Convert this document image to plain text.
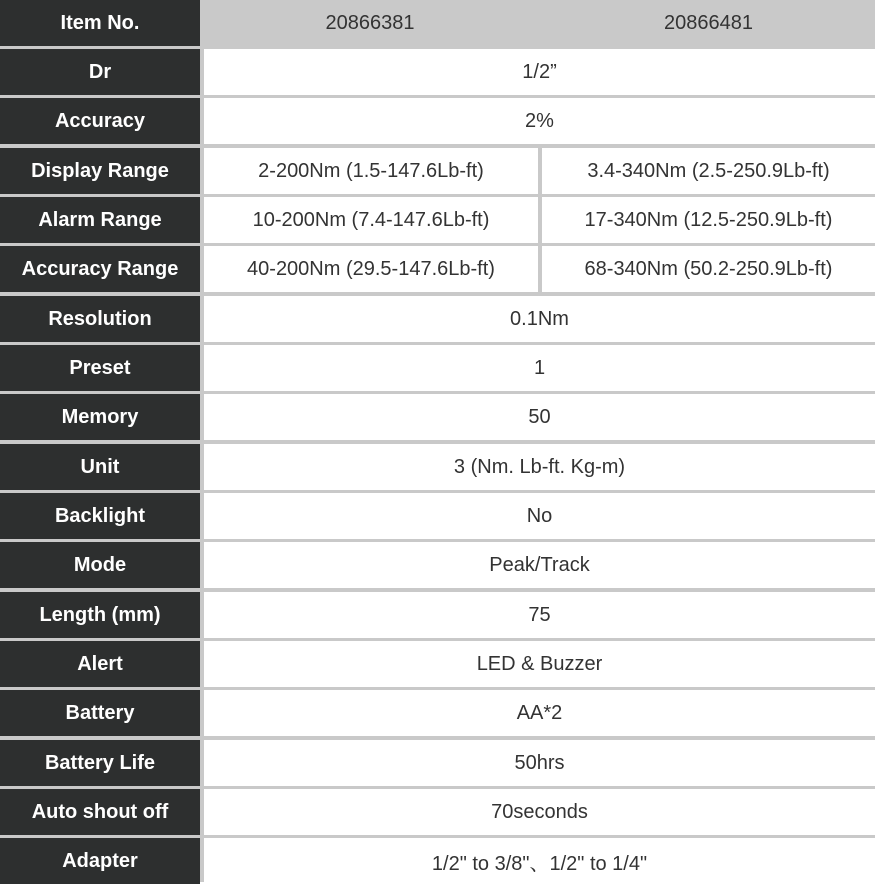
Item No.	20866381	20866481
Dr	1/2”
Accuracy	2%
Display Range	2-200Nm (1.5-147.6Lb-ft)	3.4-340Nm (2.5-250.9Lb-ft)
Alarm Range	10-200Nm (7.4-147.6Lb-ft)	17-340Nm (12.5-250.9Lb-ft)
Accuracy Range	40-200Nm (29.5-147.6Lb-ft)	68-340Nm (50.2-250.9Lb-ft)
Resolution	0.1Nm
Preset	1
Memory	50
Unit	3 (Nm. Lb-ft. Kg-m)
Backlight	No
Mode	Peak/Track
Length (mm)	75
Alert	LED & Buzzer
Battery	AA*2
Battery Life	50hrs
Auto shout off	70seconds
Adapter	1/2" to 3/8"、1/2" to 1/4"
